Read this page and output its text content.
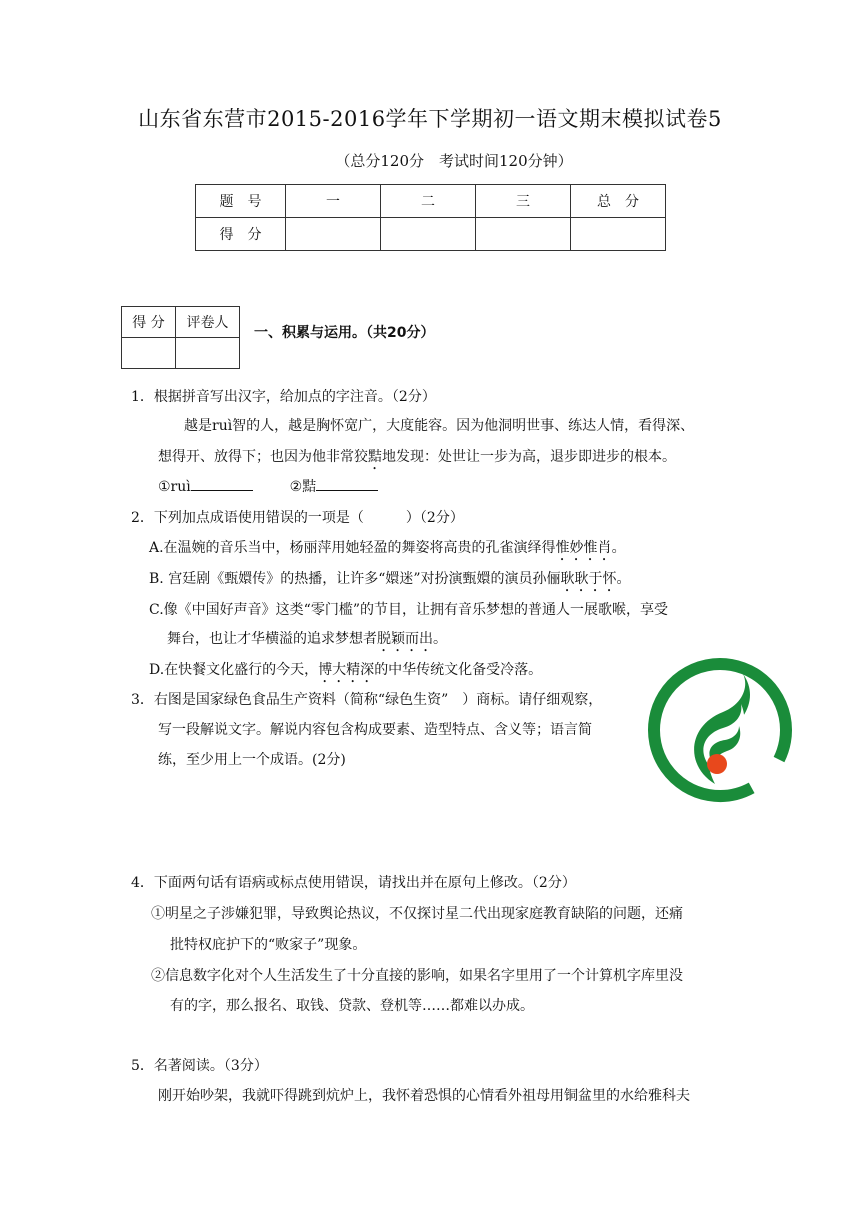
山东省东营市2015-2016学年下学期初一语文期末模拟试卷5
（总分120分　考试时间120分钟）
题　号	一	二	三	总　分
得　分				
得 分	评卷人

一、积累与运用。（共20分）
1．根据拼音写出汉字，给加点的字注音。（2分）
越是ruì智的人，越是胸怀宽广，大度能容。因为他洞明世事、练达人情，看得深、
想得开、放得下；也因为他非常狡黠地发现：处世让一步为高，退步即进步的根本。
①ruì	②黠
2．下列加点成语使用错误的一项是（　　　）（2分）
A.在温婉的音乐当中，杨丽萍用她轻盈的舞姿将高贵的孔雀演绎得惟妙惟肖。
B. 宫廷剧《甄嬛传》的热播，让许多“嬛迷”对扮演甄嬛的演员孙俪耿耿于怀。
C.像《中国好声音》这类“零门槛”的节目，让拥有音乐梦想的普通人一展歌喉，享受
舞台，也让才华横溢的追求梦想者脱颖而出。
D.在快餐文化盛行的今天，博大精深的中华传统文化备受冷落。
3．右图是国家绿色食品生产资料（简称“绿色生资”　）商标。请仔细观察，
写一段解说文字。解说内容包含构成要素、造型特点、含义等；语言简
练，至少用上一个成语。(2分)
4．下面两句话有语病或标点使用错误，请找出并在原句上修改。（2分）
①明星之子涉嫌犯罪，导致舆论热议，不仅探讨星二代出现家庭教育缺陷的问题，还痛
批特权庇护下的“败家子”现象。
②信息数字化对个人生活发生了十分直接的影响，如果名字里用了一个计算机字库里没
有的字，那么报名、取钱、贷款、登机等……都难以办成。
5．名著阅读。（3分）
刚开始吵架，我就吓得跳到炕炉上，我怀着恐惧的心情看外祖母用铜盆里的水给雅科夫
